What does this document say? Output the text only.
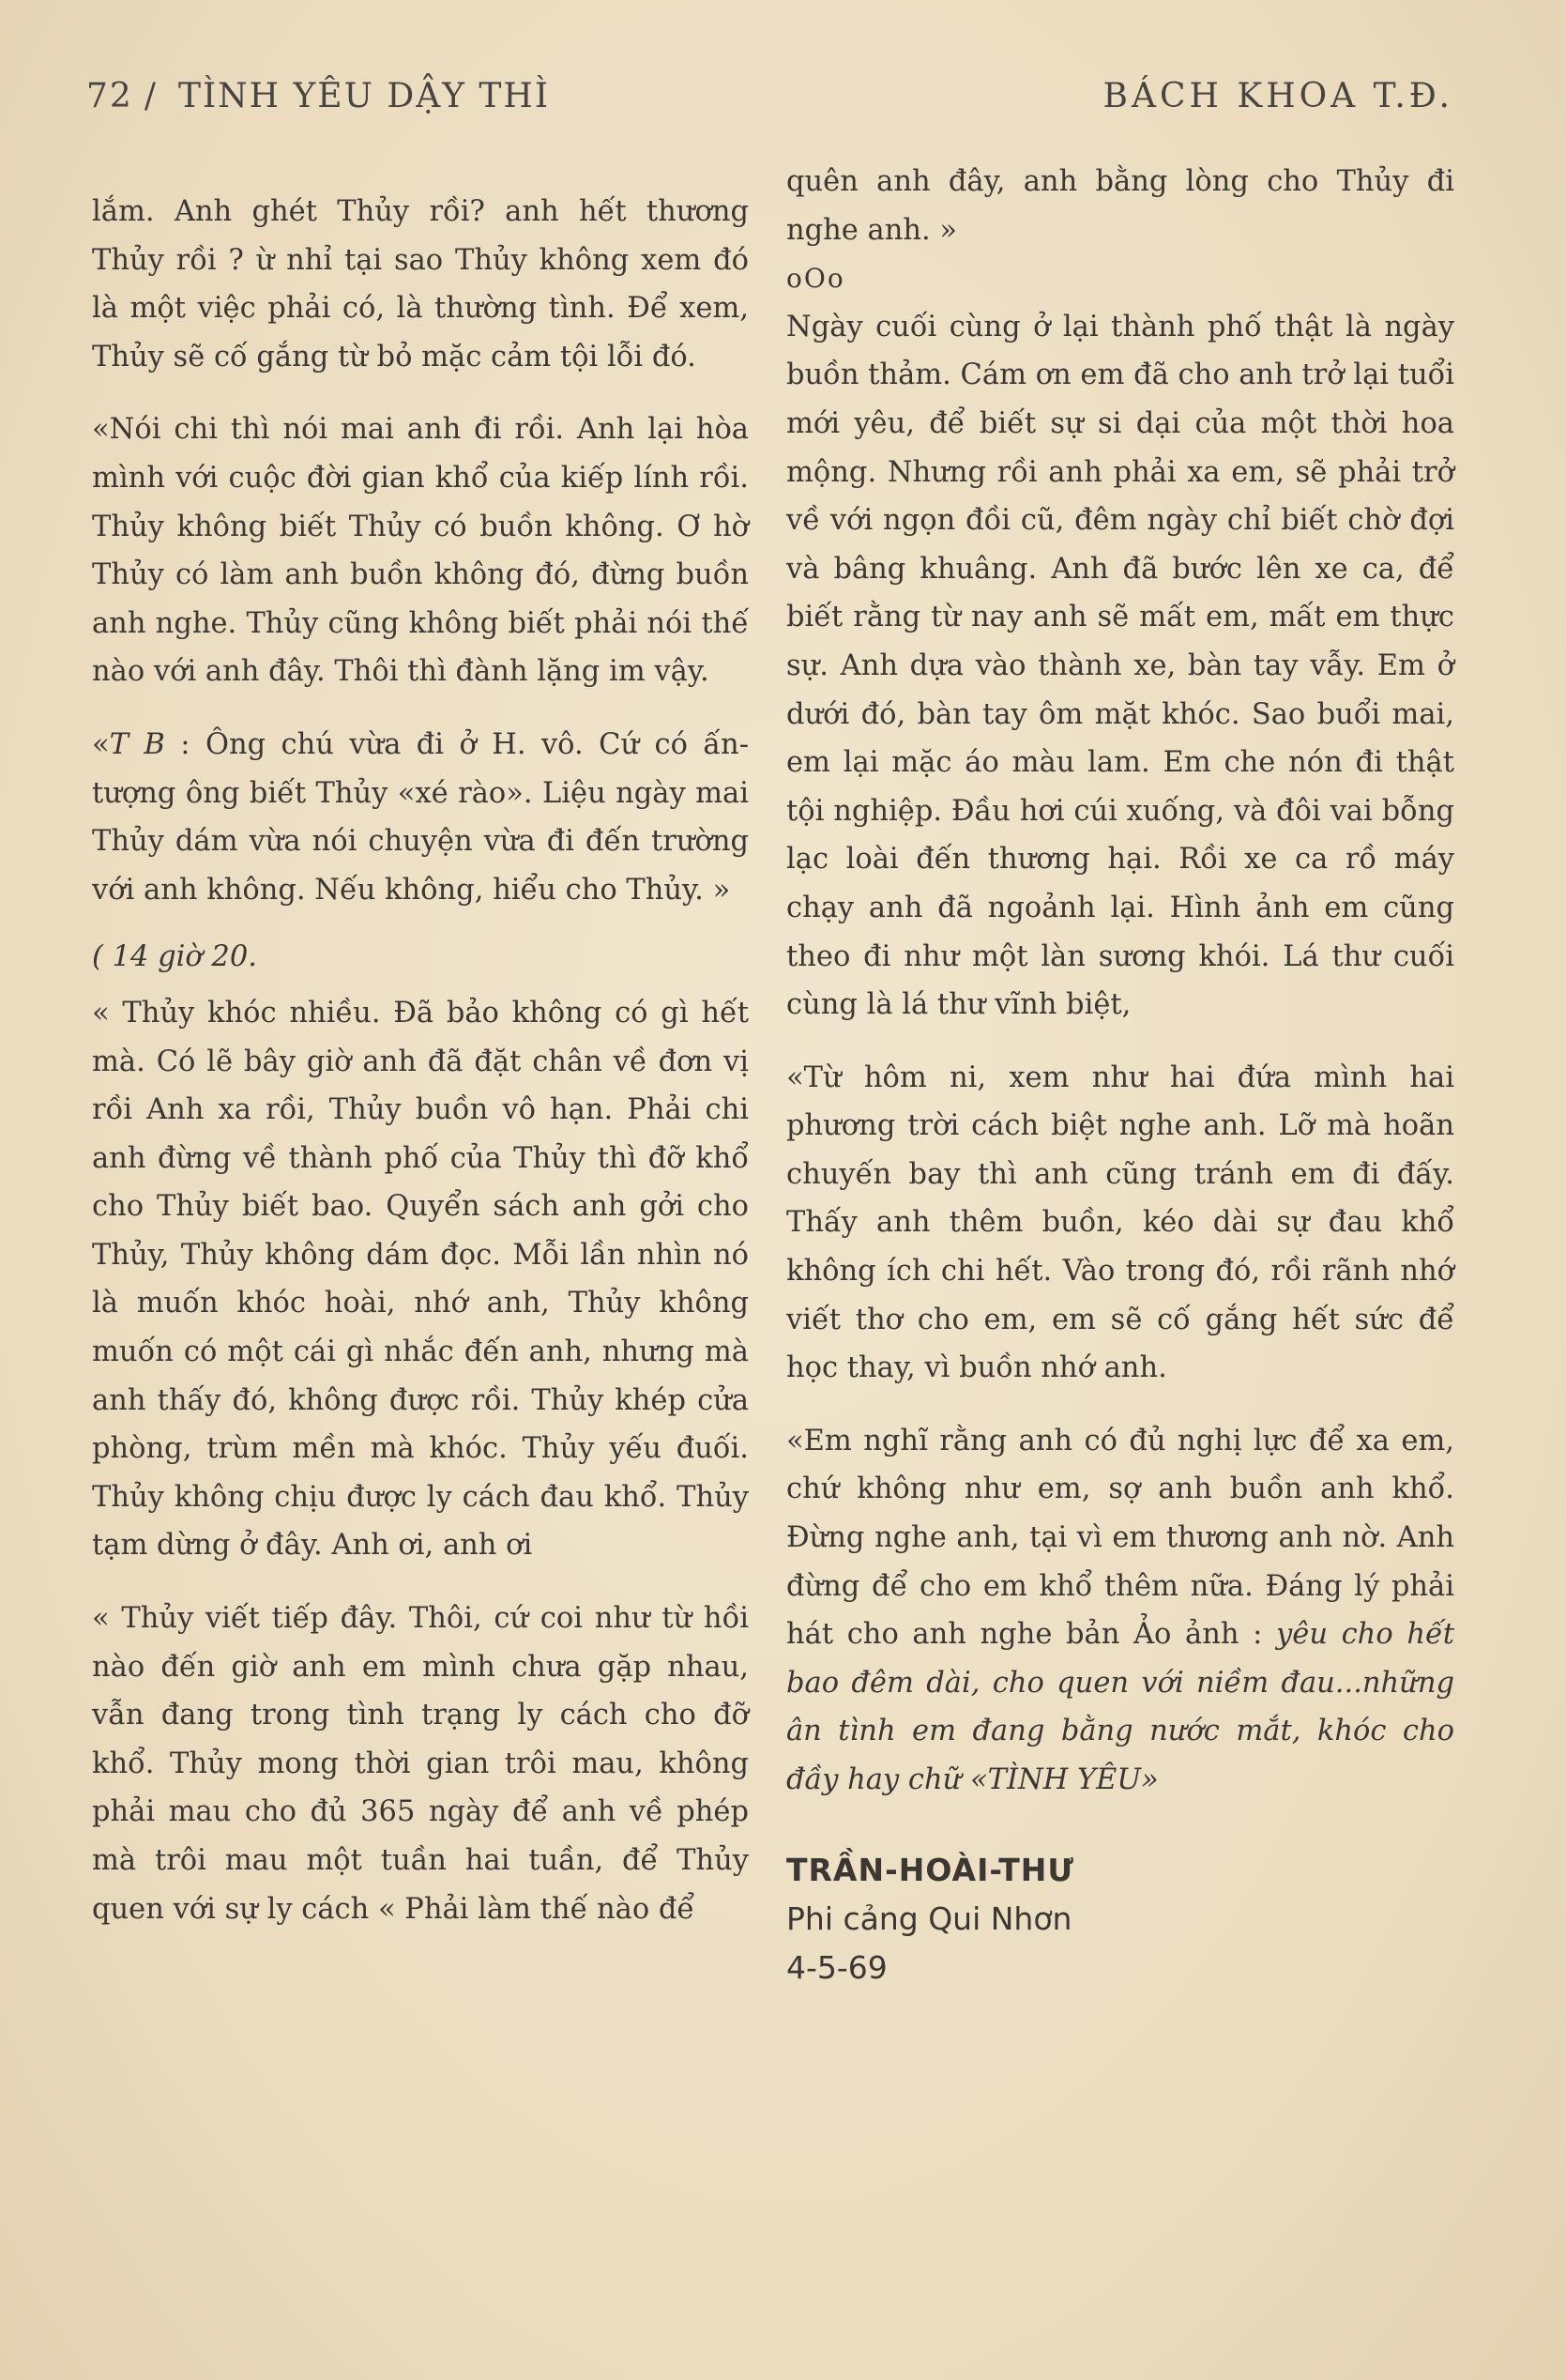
72 / TÌNH YÊU DẬY THÌ	BÁCH KHOA T.Đ.

lắm. Anh ghét Thủy rồi? anh hết thương Thủy rồi ? ừ nhỉ tại sao Thủy không xem đó là một việc phải có, là thường tình. Để xem, Thủy sẽ cố gắng từ bỏ mặc cảm tội lỗi đó.

«Nói chi thì nói mai anh đi rồi. Anh lại hòa mình với cuộc đời gian khổ của kiếp lính rồi. Thủy không biết Thủy có buồn không. Ơ hờ Thủy có làm anh buồn không đó, đừng buồn anh nghe. Thủy cũng không biết phải nói thế nào với anh đây. Thôi thì đành lặng im vậy.

«T B : Ông chú vừa đi ở H. vô. Cứ có ấn-tượng ông biết Thủy «xé rào». Liệu ngày mai Thủy dám vừa nói chuyện vừa đi đến trường với anh không. Nếu không, hiểu cho Thủy. »

( 14 giờ 20.

« Thủy khóc nhiều. Đã bảo không có gì hết mà. Có lẽ bây giờ anh đã đặt chân về đơn vị rồi Anh xa rồi, Thủy buồn vô hạn. Phải chi anh đừng về thành phố của Thủy thì đỡ khổ cho Thủy biết bao. Quyển sách anh gởi cho Thủy, Thủy không dám đọc. Mỗi lần nhìn nó là muốn khóc hoài, nhớ anh, Thủy không muốn có một cái gì nhắc đến anh, nhưng mà anh thấy đó, không được rồi. Thủy khép cửa phòng, trùm mền mà khóc. Thủy yếu đuối. Thủy không chịu được ly cách đau khổ. Thủy tạm dừng ở đây. Anh ơi, anh ơi

« Thủy viết tiếp đây. Thôi, cứ coi như từ hồi nào đến giờ anh em mình chưa gặp nhau, vẫn đang trong tình trạng ly cách cho đỡ khổ. Thủy mong thời gian trôi mau, không phải mau cho đủ 365 ngày để anh về phép mà trôi mau một tuần hai tuần, để Thủy quen với sự ly cách « Phải làm thế nào để

quên anh đây, anh bằng lòng cho Thủy đi nghe anh. »

oOo

Ngày cuối cùng ở lại thành phố thật là ngày buồn thảm. Cám ơn em đã cho anh trở lại tuổi mới yêu, để biết sự si dại của một thời hoa mộng. Nhưng rồi anh phải xa em, sẽ phải trở về với ngọn đồi cũ, đêm ngày chỉ biết chờ đợi và bâng khuâng. Anh đã bước lên xe ca, để biết rằng từ nay anh sẽ mất em, mất em thực sự. Anh dựa vào thành xe, bàn tay vẫy. Em ở dưới đó, bàn tay ôm mặt khóc. Sao buổi mai, em lại mặc áo màu lam. Em che nón đi thật tội nghiệp. Đầu hơi cúi xuống, và đôi vai bỗng lạc loài đến thương hại. Rồi xe ca rồ máy chạy anh đã ngoảnh lại. Hình ảnh em cũng theo đi như một làn sương khói. Lá thư cuối cùng là lá thư vĩnh biệt,

«Từ hôm ni, xem như hai đứa mình hai phương trời cách biệt nghe anh. Lỡ mà hoãn chuyến bay thì anh cũng tránh em đi đấy. Thấy anh thêm buồn, kéo dài sự đau khổ không ích chi hết. Vào trong đó, rồi rãnh nhớ viết thơ cho em, em sẽ cố gắng hết sức để học thay, vì buồn nhớ anh.

«Em nghĩ rằng anh có đủ nghị lực để xa em, chứ không như em, sợ anh buồn anh khổ. Đừng nghe anh, tại vì em thương anh nờ. Anh đừng để cho em khổ thêm nữa. Đáng lý phải hát cho anh nghe bản Ảo ảnh : yêu cho hết bao đêm dài, cho quen với niềm đau...những ân tình em đang bằng nước mắt, khóc cho đầy hay chữ «TÌNH YÊU»

TRẦN-HOÀI-THƯ
Phi cảng Qui Nhơn
4-5-69
